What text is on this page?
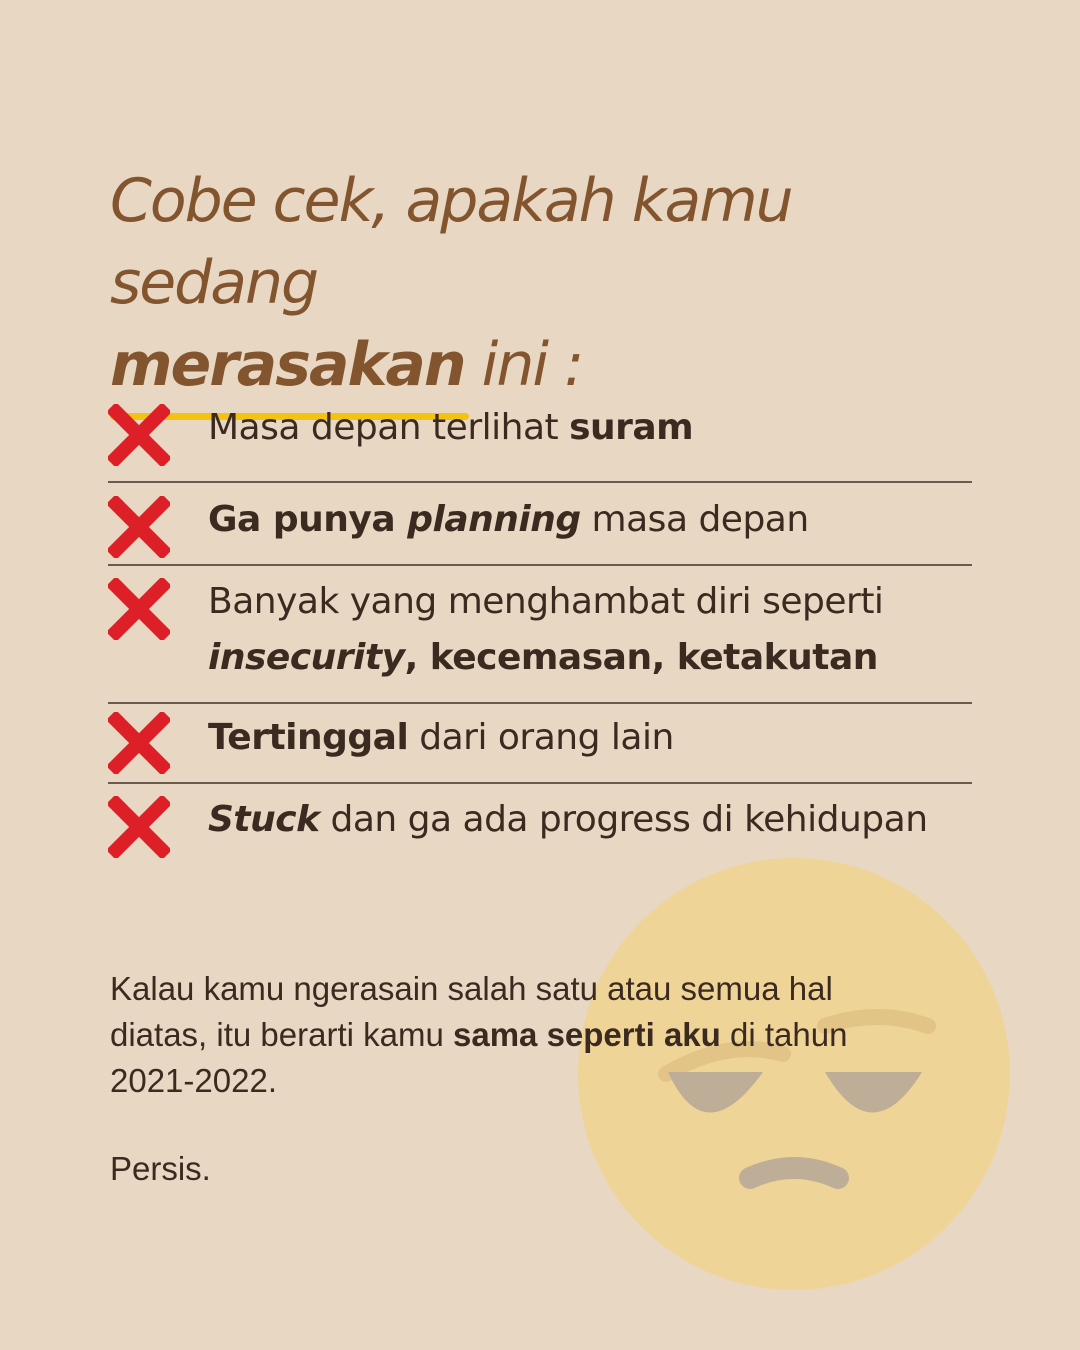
Cobe cek, apakah kamu sedang
merasakan
ini :
Masa depan terlihat suram
Ga punya planning masa depan
Banyak yang menghambat diri seperti insecurity, kecemasan, ketakutan
Tertinggal dari orang lain
Stuck dan ga ada progress di kehidupan
Kalau kamu ngerasain salah satu atau semua hal diatas, itu berarti kamu sama seperti aku di tahun 2021-2022.
Persis.
